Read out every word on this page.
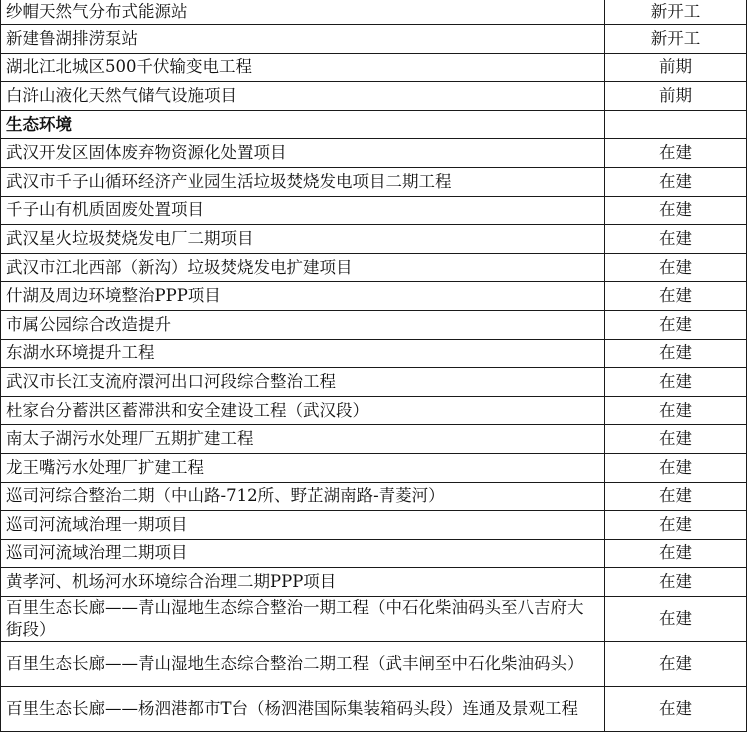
纱帽天然气分布式能源站	新开工
新建鲁湖排涝泵站	新开工
湖北江北城区500千伏输变电工程	前期
白浒山液化天然气储气设施项目	前期
生态环境	
武汉开发区固体废弃物资源化处置项目	在建
武汉市千子山循环经济产业园生活垃圾焚烧发电项目二期工程	在建
千子山有机质固废处置项目	在建
武汉星火垃圾焚烧发电厂二期项目	在建
武汉市江北西部（新沟）垃圾焚烧发电扩建项目	在建
什湖及周边环境整治PPP项目	在建
市属公园综合改造提升	在建
东湖水环境提升工程	在建
武汉市长江支流府澴河出口河段综合整治工程	在建
杜家台分蓄洪区蓄滞洪和安全建设工程（武汉段）	在建
南太子湖污水处理厂五期扩建工程	在建
龙王嘴污水处理厂扩建工程	在建
巡司河综合整治二期（中山路-712所、野芷湖南路-青菱河）	在建
巡司河流域治理一期项目	在建
巡司河流域治理二期项目	在建
黄孝河、机场河水环境综合治理二期PPP项目	在建
百里生态长廊——青山湿地生态综合整治一期工程（中石化柴油码头至八吉府大街段）	在建
百里生态长廊——青山湿地生态综合整治二期工程（武丰闸至中石化柴油码头）	在建
百里生态长廊——杨泗港都市T台（杨泗港国际集装箱码头段）连通及景观工程	在建
